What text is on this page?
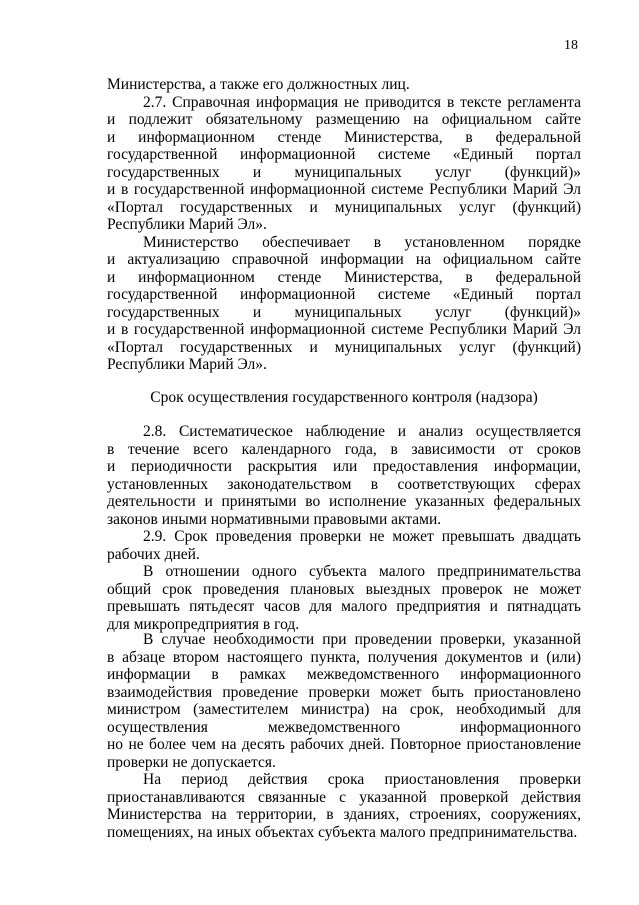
18
Министерства, а также его должностных лиц.
2.7. Справочная информация не приводится в тексте регламента
и подлежит обязательному размещению на официальном сайте
и информационном стенде Министерства, в федеральной
государственной информационной системе «Единый портал
государственных и муниципальных услуг (функций)»
и в государственной информационной системе Республики Марий Эл
«Портал государственных и муниципальных услуг (функций)
Республики Марий Эл».
Министерство обеспечивает в установленном порядке
и актуализацию справочной информации на официальном сайте
и информационном стенде Министерства, в федеральной
государственной информационной системе «Единый портал
государственных и муниципальных услуг (функций)»
и в государственной информационной системе Республики Марий Эл
«Портал государственных и муниципальных услуг (функций)
Республики Марий Эл».
Срок осуществления государственного контроля (надзора)
2.8. Систематическое наблюдение и анализ осуществляется
в течение всего календарного года, в зависимости от сроков
и периодичности раскрытия или предоставления информации,
установленных законодательством в соответствующих сферах
деятельности и принятыми во исполнение указанных федеральных
законов иными нормативными правовыми актами.
2.9. Срок проведения проверки не может превышать двадцать
рабочих дней.
В отношении одного субъекта малого предпринимательства
общий срок проведения плановых выездных проверок не может
превышать пятьдесят часов для малого предприятия и пятнадцать
для микропредприятия в год.
В случае необходимости при проведении проверки, указанной
в абзаце втором настоящего пункта, получения документов и (или)
информации в рамках межведомственного информационного
взаимодействия проведение проверки может быть приостановлено
министром (заместителем министра) на срок, необходимый для
осуществления межведомственного информационного
но не более чем на десять рабочих дней. Повторное приостановление
проверки не допускается.
На период действия срока приостановления проверки
приостанавливаются связанные с указанной проверкой действия
Министерства на территории, в зданиях, строениях, сооружениях,
помещениях, на иных объектах субъекта малого предпринимательства.
